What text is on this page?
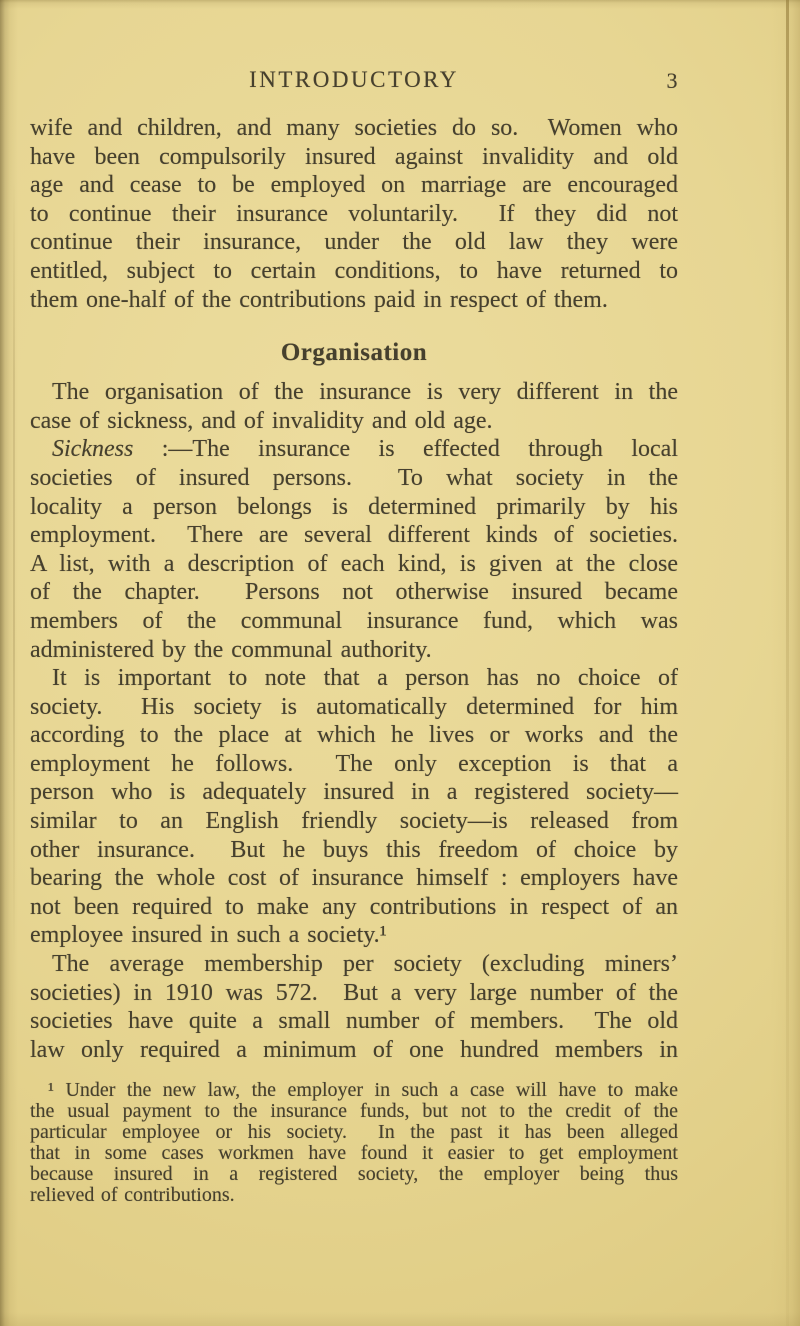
INTRODUCTORY	3
wife and children, and many societies do so.  Women who
have been compulsorily insured against invalidity and old
age and cease to be employed on marriage are encouraged
to continue their insurance voluntarily.  If they did not
continue their insurance, under the old law they were
entitled, subject to certain conditions, to have returned to
them one-half of the contributions paid in respect of them.
Organisation
The organisation of the insurance is very different in the
case of sickness, and of invalidity and old age.
Sickness :—The insurance is effected through local
societies of insured persons.  To what society in the
locality a person belongs is determined primarily by his
employment.  There are several different kinds of societies.
A list, with a description of each kind, is given at the close
of the chapter.  Persons not otherwise insured became
members of the communal insurance fund, which was
administered by the communal authority.
It is important to note that a person has no choice of
society.  His society is automatically determined for him
according to the place at which he lives or works and the
employment he follows.  The only exception is that a
person who is adequately insured in a registered society—
similar to an English friendly society—is released from
other insurance.  But he buys this freedom of choice by
bearing the whole cost of insurance himself : employers have
not been required to make any contributions in respect of an
employee insured in such a society.¹
The average membership per society (excluding miners’
societies) in 1910 was 572.  But a very large number of the
societies have quite a small number of members.  The old
law only required a minimum of one hundred members in
¹ Under the new law, the employer in such a case will have to make
the usual payment to the insurance funds, but not to the credit of the
particular employee or his society.  In the past it has been alleged
that in some cases workmen have found it easier to get employment
because insured in a registered society, the employer being thus
relieved of contributions.
